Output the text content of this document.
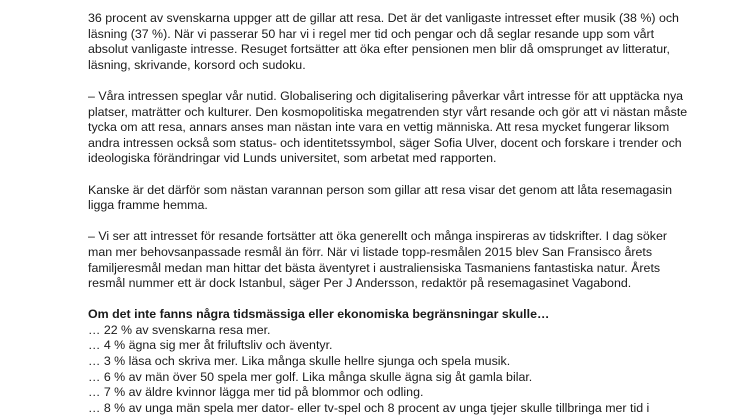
36 procent av svenskarna uppger att de gillar att resa. Det är det vanligaste intresset efter musik (38 %) och läsning (37 %). När vi passerar 50 har vi i regel mer tid och pengar och då seglar resande upp som vårt absolut vanligaste intresse. Resuget fortsätter att öka efter pensionen men blir då omsprunget av litteratur, läsning, skrivande, korsord och sudoku.

– Våra intressen speglar vår nutid. Globalisering och digitalisering påverkar vårt intresse för att upptäcka nya platser, maträtter och kulturer. Den kosmopolitiska megatrenden styr vårt resande och gör att vi nästan måste tycka om att resa, annars anses man nästan inte vara en vettig människa. Att resa mycket fungerar liksom andra intressen också som status- och identitetssymbol, säger Sofia Ulver, docent och forskare i trender och ideologiska förändringar vid Lunds universitet, som arbetat med rapporten.

Kanske är det därför som nästan varannan person som gillar att resa visar det genom att låta resemagasin ligga framme hemma.

– Vi ser att intresset för resande fortsätter att öka generellt och många inspireras av tidskrifter. I dag söker man mer behovsanpassade resmål än förr. När vi listade topp-resmålen 2015 blev San Fransisco årets familjeresmål medan man hittar det bästa äventyret i australiensiska Tasmaniens fantastiska natur. Årets resmål nummer ett är dock Istanbul, säger Per J Andersson, redaktör på resemagasinet Vagabond.

Om det inte fanns några tidsmässiga eller ekonomiska begränsningar skulle…

… 22 % av svenskarna resa mer.
… 4 % ägna sig mer åt friluftsliv och äventyr.
… 3 % läsa och skriva mer. Lika många skulle hellre sjunga och spela musik.
… 6 % av män över 50 spela mer golf. Lika många skulle ägna sig åt gamla bilar.
… 7 % av äldre kvinnor lägga mer tid på blommor och odling.
… 8 % av unga män spela mer dator- eller tv-spel och 8 procent av unga tjejer skulle tillbringa mer tid i
